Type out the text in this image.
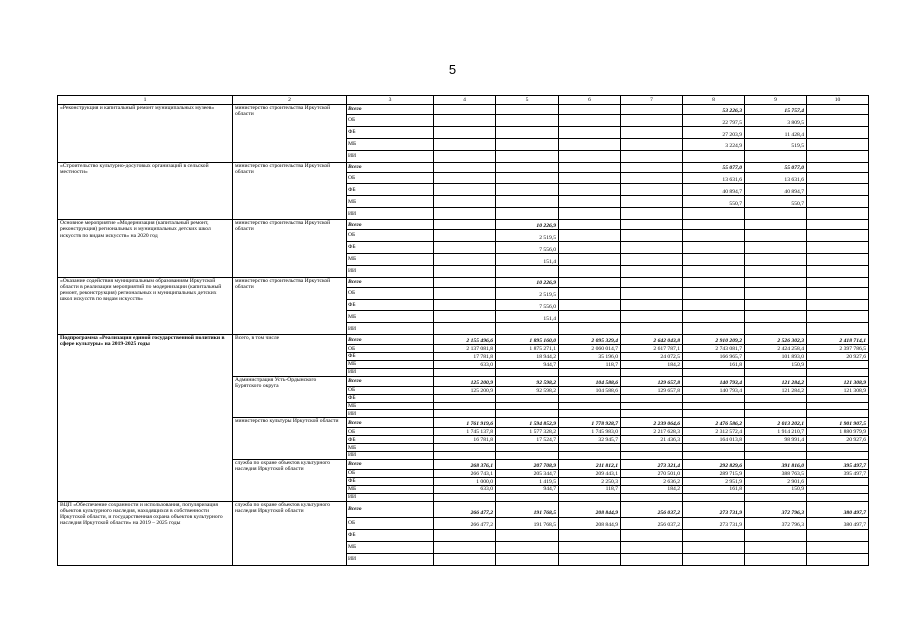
5
1	2	3	4	5	6	7	8	9	10
«Реконструкция и капитальный ремонт муниципальных музеев»	министерство строительства Иркутской области	Всего					53 226,3	15 757,4	
		ОБ					22 797,5	3 809,5	
		ФБ					27 203,9	11 428,4	
		МБ					3 224,9	519,5	
		ИИ							
«Строительство культурно-досуговых организаций в сельской местности»	министерство строительства Иркутской области	Всего					55 077,0	55 077,0	
		ОБ					13 631,6	13 631,6	
		ФБ					40 894,7	40 894,7	
		МБ					550,7	550,7	
		ИИ							
Основное мероприятие «Модернизация (капитальный ремонт, реконструкция) региональных и муниципальных детских школ искусств по видам искусств» на 2020 год	министерство строительства Иркутской области	Всего		10 226,9					
		ОБ		2 519,5					
		ФБ		7 556,0					
		МБ		151,4					
		ИИ							
«Оказание содействия муниципальным образованиям Иркутской области в реализации мероприятий по модернизации (капитальный ремонт, реконструкция) региональных и муниципальных детских школ искусств по видам искусств»	министерство строительства Иркутской области	Всего		10 226,9					
		ОБ		2 519,5					
		ФБ		7 556,0					
		МБ		151,4					
		ИИ							
Подпрограмма «Реализация единой государственной политики в сфере культуры» на 2019-2025 годы	Всего, в том числе	Всего	2 155 496,6	1 895 160,0	2 095 329,4	2 642 043,8	2 910 209,2	2 526 302,3	2 418 714,1
		ОБ	2 137 081,8	1 875 271,1	2 060 014,7	2 617 787,1	2 743 081,7	2 424 258,4	2 397 786,5
		ФБ	17 781,8	18 944,2	35 196,0	24 072,5	166 965,7	101 893,0	20 927,6
		МБ	633,0	944,7	118,7	184,2	161,8	150,9	
		ИИ							
	Администрация Усть-Ордынского Бурятского округа	Всего	125 200,9	92 598,2	104 588,6	129 657,8	140 793,4	121 284,2	121 308,9
		ОБ	125 200,9	92 598,2	104 588,6	129 657,8	140 793,4	121 284,2	121 308,9
		ФБ							
		МБ							
		ИИ							
	министерство культуры Иркутской области	Всего	1 761 919,6	1 594 852,9	1 778 928,7	2 239 064,6	2 476 586,2	2 013 202,1	1 901 907,5
		ОБ	1 745 137,8	1 577 328,2	1 745 983,0	2 217 628,3	2 312 572,4	1 914 210,7	1 880 979,9
		ФБ	16 781,8	17 524,7	32 945,7	21 436,3	164 013,8	98 991,4	20 927,6
		МБ							
		ИИ							
	служба по охране объектов культурного наследия Иркутской области	Всего	268 376,1	207 708,9	211 812,1	273 321,4	292 829,6	391 816,0	395 497,7
		ОБ	266 743,1	205 344,7	209 443,1	270 501,0	289 715,9	388 763,5	395 497,7
		ФБ	1 000,0	1 419,5	2 250,3	2 636,2	2 951,9	2 901,6	
		МБ	633,0	944,7	118,7	184,2	161,8	150,9	
		ИИ							
ВЦП «Обеспечение сохранности и использования, популяризация объектов культурного наследия, находящихся в собственности Иркутской области, и государственная охрана объектов культурного наследия Иркутской области» на 2019 – 2025 годы	служба по охране объектов культурного наследия Иркутской области	Всего	266 477,2	191 768,5	208 844,9	256 037,2	273 731,9	372 796,3	380 497,7
		ОБ	266 477,2	191 768,5	208 844,9	256 037,2	273 731,9	372 796,3	380 497,7
		ФБ							
		МБ							
		ИИ							
